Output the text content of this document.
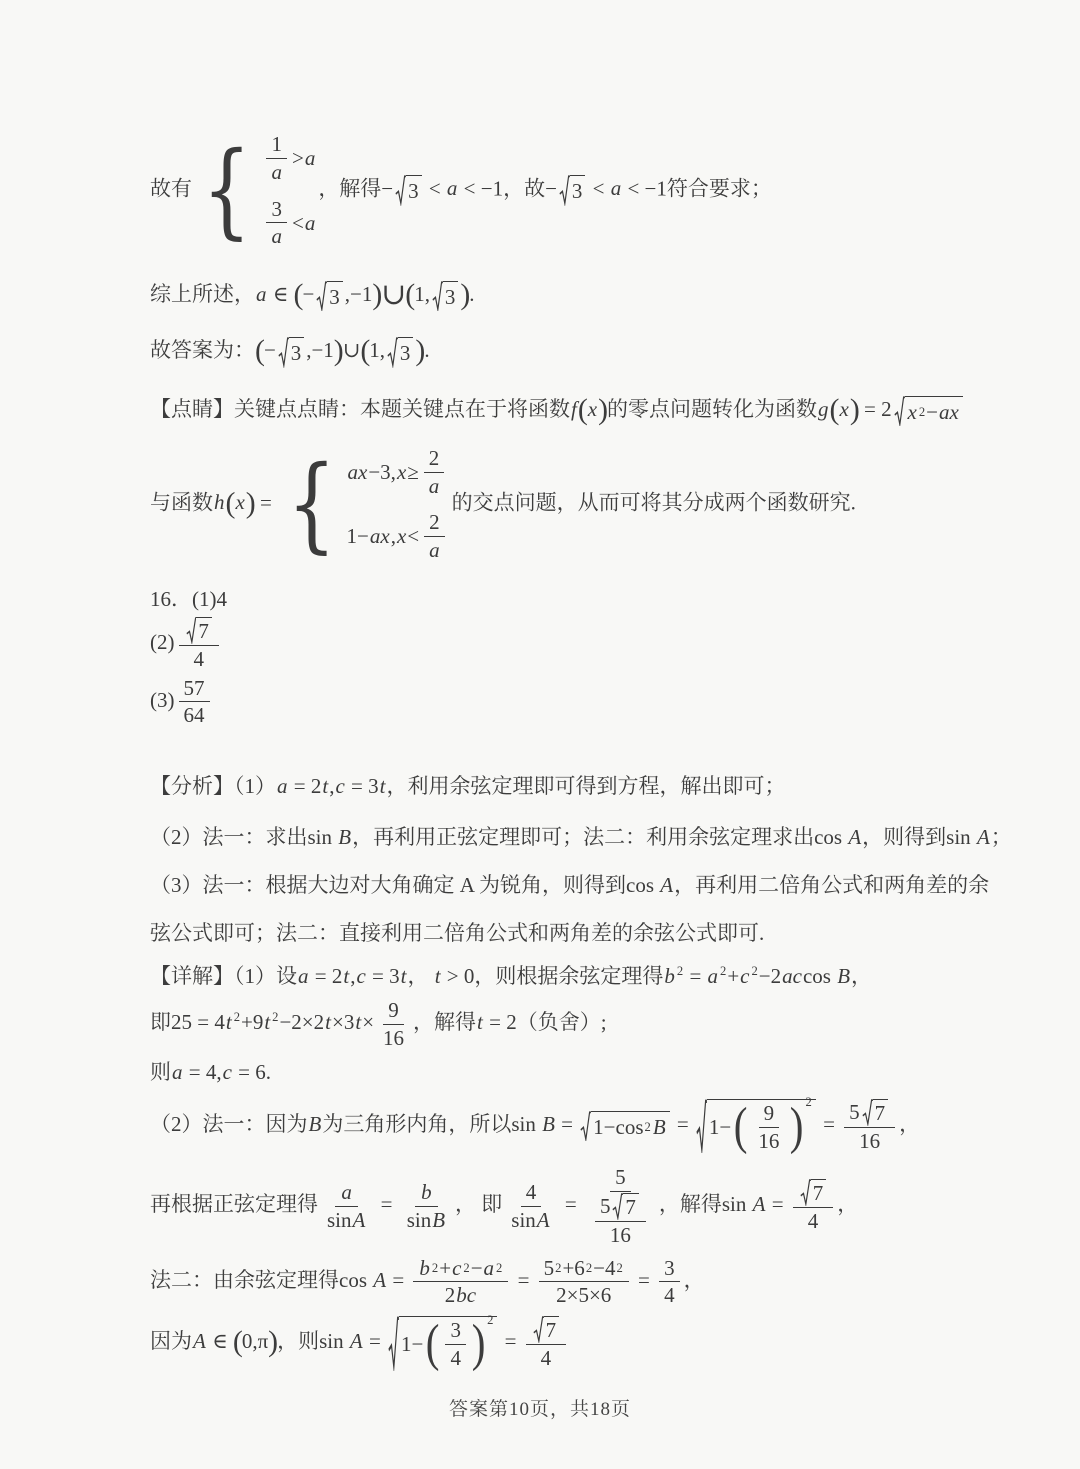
故有 { $\frac{1}{a} > a$
$\frac{3}{a} < a$
，解得− 3 < a < −1，故− 3 < a < −1符合要求；
综上所述，a ∈ (− 3 ,−1)∪(1, 3 ).
故答案为：(− 3 ,−1)∪(1, 3 ).
【点睛】关键点点睛：本题关键点在于将函数f(x)的零点问题转化为函数g(x) = 2 x 2 − ax
与函数h(x) = { ax −3, $x \ge \frac{2}{a}$
1− ax , $x < \frac{2}{a}$
的交点问题，从而可将其分成两个函数研究.
16．(1)4
$(2) \frac{7}{4}$
$(3) \frac{57}{64}$
【分析】（1）a = 2t,c = 3t，利用余弦定理即可得到方程，解出即可；
（2）法一：求出sin B，再利用正弦定理即可；法二：利用余弦定理求出cos A，则得到sin A；
（3）法一：根据大边对大角确定 A 为锐角，则得到cos A，再利用二倍角公式和两角差的余
弦公式即可；法二：直接利用二倍角公式和两角差的余弦公式即可.
【详解】（1）设a = 2t,c = 3t， t > 0，则根据余弦定理得b $^2$ = a $^2$+c $^2$−2accos B，
即25 = 4t $^2$+9t $^2-2\times 2t\times 3t\times \frac{9}{16}$ ，解得t = 2（负舍）;
则a = 4,c = 6.
（2）法一：因为B为三角形内角，所以sin B = 1−cos 2 B = 1− ( $\frac{9}{16} )^2$
= $\frac{5 7}{16}$ ，
再根据正弦定理得 $\frac{a}{\text{sin A}} = \frac{b}{\text{sin B}}$ ， 即 $\frac{4}{\text{sin A}} = \frac{5}{\frac{5 7}{16}}$ ，解得$\sin A = \frac{7}{4}$ ，
法二：由余弦定理得$\cos A = \frac{b 2 + c 2 - a 2}{2 bc} = \frac{5 2 +6 2 -4 2}{2\times 5\times 6} = \frac{3}{4}$ ，
因为A ∈ (0,π)，则sin A = 1− ( $\frac{3}{4} )^2$
= $\frac{7}{4}$
答案第10页，共18页
